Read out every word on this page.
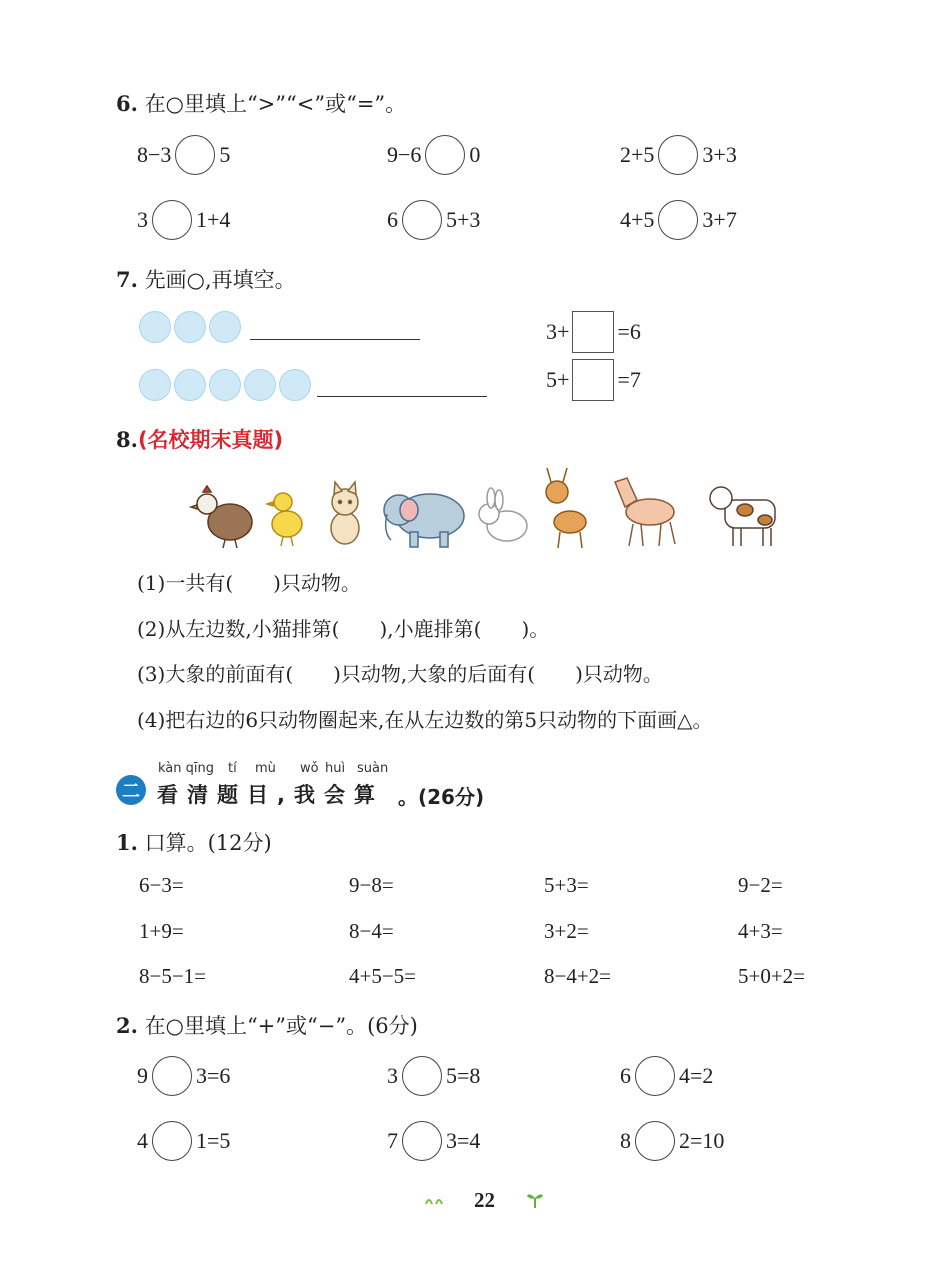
6. 在○里填上“>”“<”或“=”。
8−3 5	9−6 0	2+5 3+3
3 1+4	6 5+3	4+5 3+7
7. 先画○,再填空。
3+ =6
5+ =7
8.(名校期末真题)
(1)一共有(　　)只动物。
(2)从左边数,小猫排第(　　),小鹿排第(　　)。
(3)大象的前面有(　　)只动物,大象的后面有(　　)只动物。
(4)把右边的6只动物圈起来,在从左边数的第5只动物的下面画△。
二
kàn qīng tí mù wǒ huì suàn
看清题目,我会算 。(26分)
1. 口算。(12分)
6−3=	9−8=	5+3=	9−2=
1+9=	8−4=	3+2=	4+3=
8−5−1=	4+5−5=	8−4+2=	5+0+2=
2. 在○里填上“+”或“−”。(6分)
9 3=6	3 5=8	6 4=2
4 1=5	7 3=4	8 2=10
22
